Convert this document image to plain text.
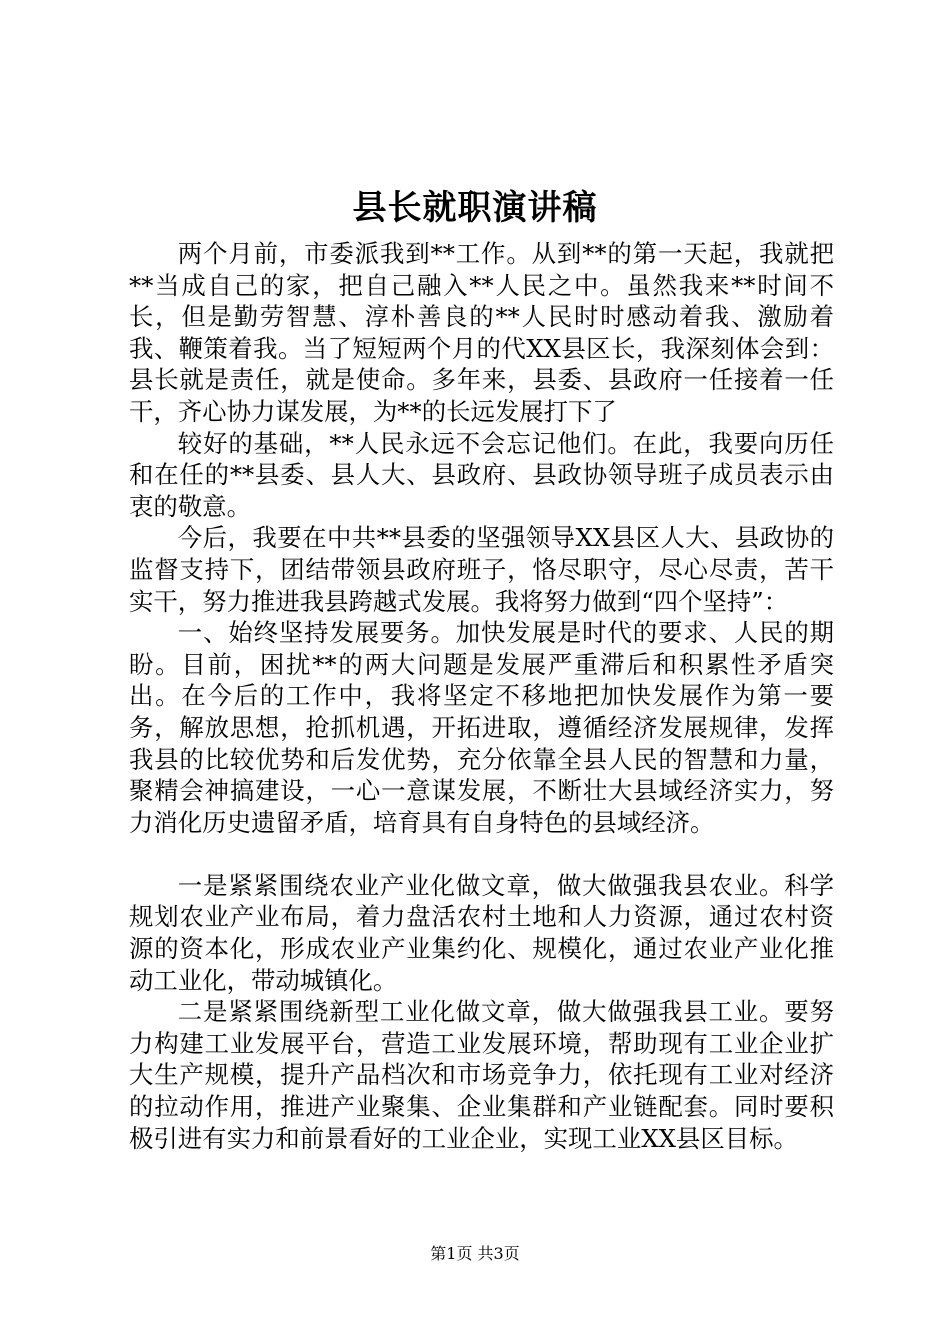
县长就职演讲稿

两个月前，市委派我到**工作。从到**的第一天起，我就把**当成自己的家，把自己融入**人民之中。虽然我来**时间不长，但是勤劳智慧、淳朴善良的**人民时时感动着我、激励着我、鞭策着我。当了短短两个月的代XX县区长，我深刻体会到：县长就是责任，就是使命。多年来，县委、县政府一任接着一任干，齐心协力谋发展，为**的长远发展打下了

较好的基础，**人民永远不会忘记他们。在此，我要向历任和在任的**县委、县人大、县政府、县政协领导班子成员表示由衷的敬意。

今后，我要在中共**县委的坚强领导XX县区人大、县政协的监督支持下，团结带领县政府班子，恪尽职守，尽心尽责，苦干实干，努力推进我县跨越式发展。我将努力做到“四个坚持”：

一、始终坚持发展要务。加快发展是时代的要求、人民的期盼。目前，困扰**的两大问题是发展严重滞后和积累性矛盾突出。在今后的工作中，我将坚定不移地把加快发展作为第一要务，解放思想，抢抓机遇，开拓进取，遵循经济发展规律，发挥我县的比较优势和后发优势，充分依靠全县人民的智慧和力量，聚精会神搞建设，一心一意谋发展，不断壮大县域经济实力，努力消化历史遗留矛盾，培育具有自身特色的县域经济。

一是紧紧围绕农业产业化做文章，做大做强我县农业。科学规划农业产业布局，着力盘活农村土地和人力资源，通过农村资源的资本化，形成农业产业集约化、规模化，通过农业产业化推动工业化，带动城镇化。

二是紧紧围绕新型工业化做文章，做大做强我县工业。要努力构建工业发展平台，营造工业发展环境，帮助现有工业企业扩大生产规模，提升产品档次和市场竞争力，依托现有工业对经济的拉动作用，推进产业聚集、企业集群和产业链配套。同时要积极引进有实力和前景看好的工业企业，实现工业XX县区目标。

第1页 共3页
